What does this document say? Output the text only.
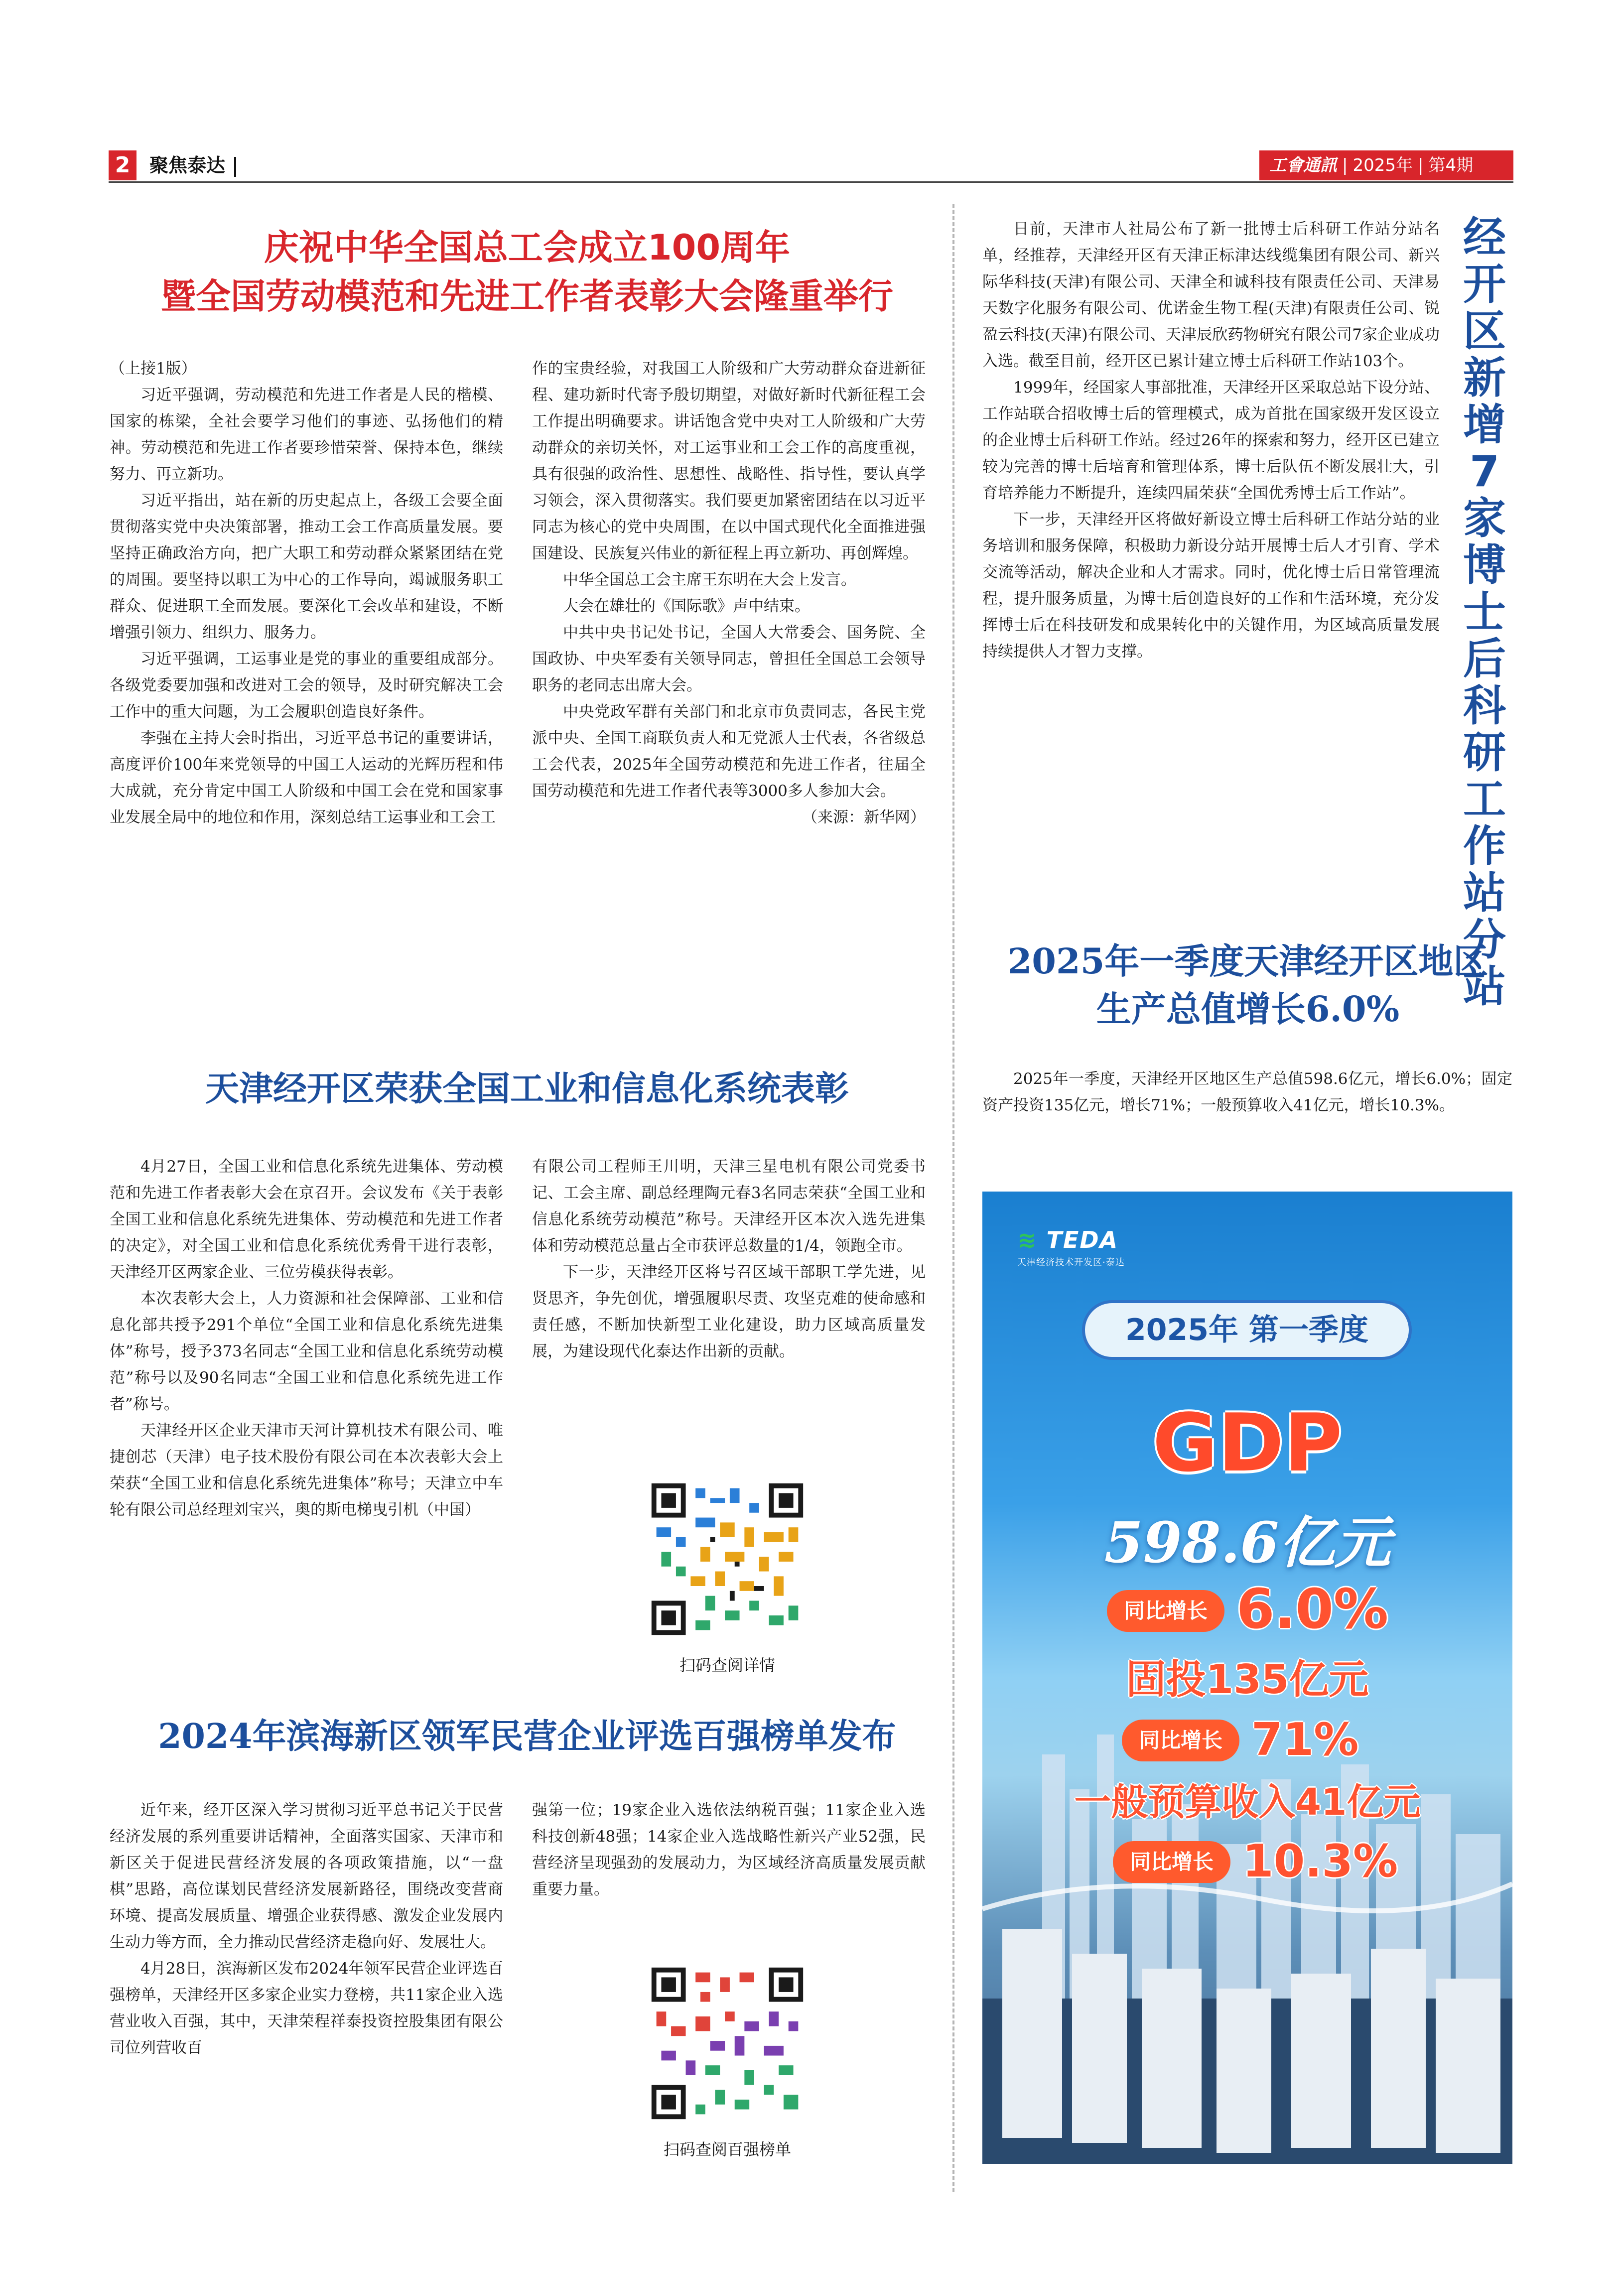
2	聚焦泰达	工會通訊 | 2025年 | 第4期
庆祝中华全国总工会成立100周年
暨全国劳动模范和先进工作者表彰大会隆重举行

（上接1版）

习近平强调，劳动模范和先进工作者是人民的楷模、国家的栋梁，全社会要学习他们的事迹、弘扬他们的精神。劳动模范和先进工作者要珍惜荣誉、保持本色，继续努力、再立新功。

习近平指出，站在新的历史起点上，各级工会要全面贯彻落实党中央决策部署，推动工会工作高质量发展。要坚持正确政治方向，把广大职工和劳动群众紧紧团结在党的周围。要坚持以职工为中心的工作导向，竭诚服务职工群众、促进职工全面发展。要深化工会改革和建设，不断增强引领力、组织力、服务力。

习近平强调，工运事业是党的事业的重要组成部分。各级党委要加强和改进对工会的领导，及时研究解决工会工作中的重大问题，为工会履职创造良好条件。

李强在主持大会时指出，习近平总书记的重要讲话，高度评价100年来党领导的中国工人运动的光辉历程和伟大成就，充分肯定中国工人阶级和中国工会在党和国家事业发展全局中的地位和作用，深刻总结工运事业和工会工

作的宝贵经验，对我国工人阶级和广大劳动群众奋进新征程、建功新时代寄予殷切期望，对做好新时代新征程工会工作提出明确要求。讲话饱含党中央对工人阶级和广大劳动群众的亲切关怀，对工运事业和工会工作的高度重视，具有很强的政治性、思想性、战略性、指导性，要认真学习领会，深入贯彻落实。我们要更加紧密团结在以习近平同志为核心的党中央周围，在以中国式现代化全面推进强国建设、民族复兴伟业的新征程上再立新功、再创辉煌。

中华全国总工会主席王东明在大会上发言。

大会在雄壮的《国际歌》声中结束。

中共中央书记处书记，全国人大常委会、国务院、全国政协、中央军委有关领导同志，曾担任全国总工会领导职务的老同志出席大会。

中央党政军群有关部门和北京市负责同志，各民主党派中央、全国工商联负责人和无党派人士代表，各省级总工会代表，2025年全国劳动模范和先进工作者，往届全国劳动模范和先进工作者代表等3000多人参加大会。

（来源：新华网）

天津经开区荣获全国工业和信息化系统表彰

4月27日，全国工业和信息化系统先进集体、劳动模范和先进工作者表彰大会在京召开。会议发布《关于表彰全国工业和信息化系统先进集体、劳动模范和先进工作者的决定》，对全国工业和信息化系统优秀骨干进行表彰，天津经开区两家企业、三位劳模获得表彰。

本次表彰大会上，人力资源和社会保障部、工业和信息化部共授予291个单位“全国工业和信息化系统先进集体”称号，授予373名同志“全国工业和信息化系统劳动模范”称号以及90名同志“全国工业和信息化系统先进工作者”称号。

天津经开区企业天津市天河计算机技术有限公司、唯捷创芯（天津）电子技术股份有限公司在本次表彰大会上荣获“全国工业和信息化系统先进集体”称号；天津立中车轮有限公司总经理刘宝兴，奥的斯电梯曳引机（中国）

有限公司工程师王川明，天津三星电机有限公司党委书记、工会主席、副总经理陶元春3名同志荣获“全国工业和信息化系统劳动模范”称号。天津经开区本次入选先进集体和劳动模范总量占全市获评总数量的1/4，领跑全市。

下一步，天津经开区将号召区域干部职工学先进，见贤思齐，争先创优，增强履职尽责、攻坚克难的使命感和责任感，不断加快新型工业化建设，助力区域高质量发展，为建设现代化泰达作出新的贡献。

扫码查阅详情
2024年滨海新区领军民营企业评选百强榜单发布

近年来，经开区深入学习贯彻习近平总书记关于民营经济发展的系列重要讲话精神，全面落实国家、天津市和新区关于促进民营经济发展的各项政策措施，以“一盘棋”思路，高位谋划民营经济发展新路径，围绕改变营商环境、提高发展质量、增强企业获得感、激发企业发展内生动力等方面，全力推动民营经济走稳向好、发展壮大。

4月28日，滨海新区发布2024年领军民营企业评选百强榜单，天津经开区多家企业实力登榜，共11家企业入选营业收入百强，其中，天津荣程祥泰投资控股集团有限公司位列营收百

强第一位；19家企业入选依法纳税百强；11家企业入选科技创新48强；14家企业入选战略性新兴产业52强，民营经济呈现强劲的发展动力，为区域经济高质量发展贡献重要力量。

扫码查阅百强榜单

日前，天津市人社局公布了新一批博士后科研工作站分站名单，经推荐，天津经开区有天津正标津达线缆集团有限公司、新兴际华科技(天津)有限公司、天津全和诚科技有限责任公司、天津易天数字化服务有限公司、优诺金生物工程(天津)有限责任公司、锐盈云科技(天津)有限公司、天津辰欣药物研究有限公司7家企业成功入选。截至目前，经开区已累计建立博士后科研工作站103个。

1999年，经国家人事部批准，天津经开区采取总站下设分站、工作站联合招收博士后的管理模式，成为首批在国家级开发区设立的企业博士后科研工作站。经过26年的探索和努力，经开区已建立较为完善的博士后培育和管理体系，博士后队伍不断发展壮大，引育培养能力不断提升，连续四届荣获“全国优秀博士后工作站”。

下一步，天津经开区将做好新设立博士后科研工作站分站的业务培训和服务保障，积极助力新设分站开展博士后人才引育、学术交流等活动，解决企业和人才需求。同时，优化博士后日常管理流程，提升服务质量，为博士后创造良好的工作和生活环境，充分发挥博士后在科技研发和成果转化中的关键作用，为区域高质量发展持续提供人才智力支撑。

经开区新增7家博士后科研工作站分站
2025年一季度天津经开区地区
生产总值增长6.0%

2025年一季度，天津经开区地区生产总值598.6亿元，增长6.0%；固定资产投资135亿元，增长71%；一般预算收入41亿元，增长10.3%。

≋ TEDA
天津经济技术开发区·泰达
2025年 第一季度
GDP
598.6亿元
同比增长 6.0%
固投135亿元
同比增长 71%
一般预算收入41亿元
同比增长 10.3%
